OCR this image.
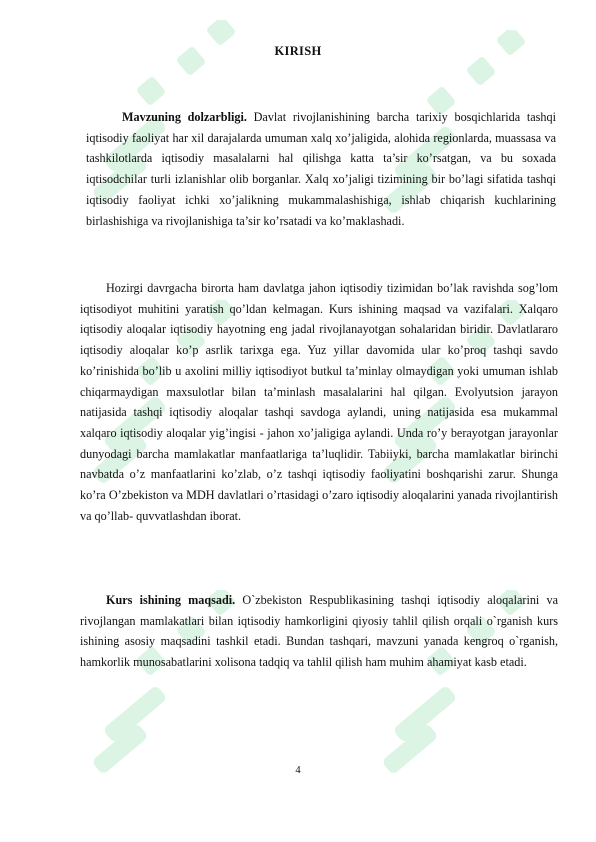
KIRISH

Mavzuning dolzarbligi. Davlat rivojlanishining barcha tarixiy bosqichlarida tashqi iqtisodiy faoliyat har xil darajalarda umuman xalq xo’jaligida, alohida regionlarda, muassasa va tashkilotlarda iqtisodiy masalalarni hal qilishga katta ta’sir ko’rsatgan, va bu soxada iqtisodchilar turli izlanishlar olib borganlar. Xalq xo’jaligi tizimining bir bo’lagi sifatida tashqi iqtisodiy faoliyat ichki xo’jalikning mukammalashishiga, ishlab chiqarish kuchlarining birlashishiga va rivojlanishiga ta’sir ko’rsatadi va ko’maklashadi.

Hozirgi davrgacha birorta ham davlatga jahon iqtisodiy tizimidan bo’lak ravishda sog’lom iqtisodiyot muhitini yaratish qo’ldan kelmagan. Kurs ishining maqsad va vazifalari. Xalqaro iqtisodiy aloqalar iqtisodiy hayotning eng jadal rivojlanayotgan sohalaridan biridir. Davlatlararo iqtisodiy aloqalar ko’p asrlik tarixga ega. Yuz yillar davomida ular ko’proq tashqi savdo ko’rinishida bo’lib u axolini milliy iqtisodiyot butkul ta’minlay olmaydigan yoki umuman ishlab chiqarmaydigan maxsulotlar bilan ta’minlash masalalarini hal qilgan. Evolyutsion jarayon natijasida tashqi iqtisodiy aloqalar tashqi savdoga aylandi, uning natijasida esa mukammal xalqaro iqtisodiy aloqalar yig’ingisi - jahon xo’jaligiga aylandi. Unda ro’y berayotgan jarayonlar dunyodagi barcha mamlakatlar manfaatlariga ta’luqlidir. Tabiiyki, barcha mamlakatlar birinchi navbatda o’z manfaatlarini ko’zlab, o’z tashqi iqtisodiy faoliyatini boshqarishi zarur. Shunga ko’ra O’zbekiston va MDH davlatlari o’rtasidagi o’zaro iqtisodiy aloqalarini yanada rivojlantirish va qo’llab- quvvatlashdan iborat.

Kurs ishining maqsadi. O`zbekiston Respublikasining tashqi iqtisodiy aloqalarini va rivojlangan mamlakatlari bilan iqtisodiy hamkorligini qiyosiy tahlil qilish orqali o`rganish kurs ishining asosiy maqsadini tashkil etadi. Bundan tashqari, mavzuni yanada kengroq o`rganish, hamkorlik munosabatlarini xolisona tadqiq va tahlil qilish ham muhim ahamiyat kasb etadi.

4
